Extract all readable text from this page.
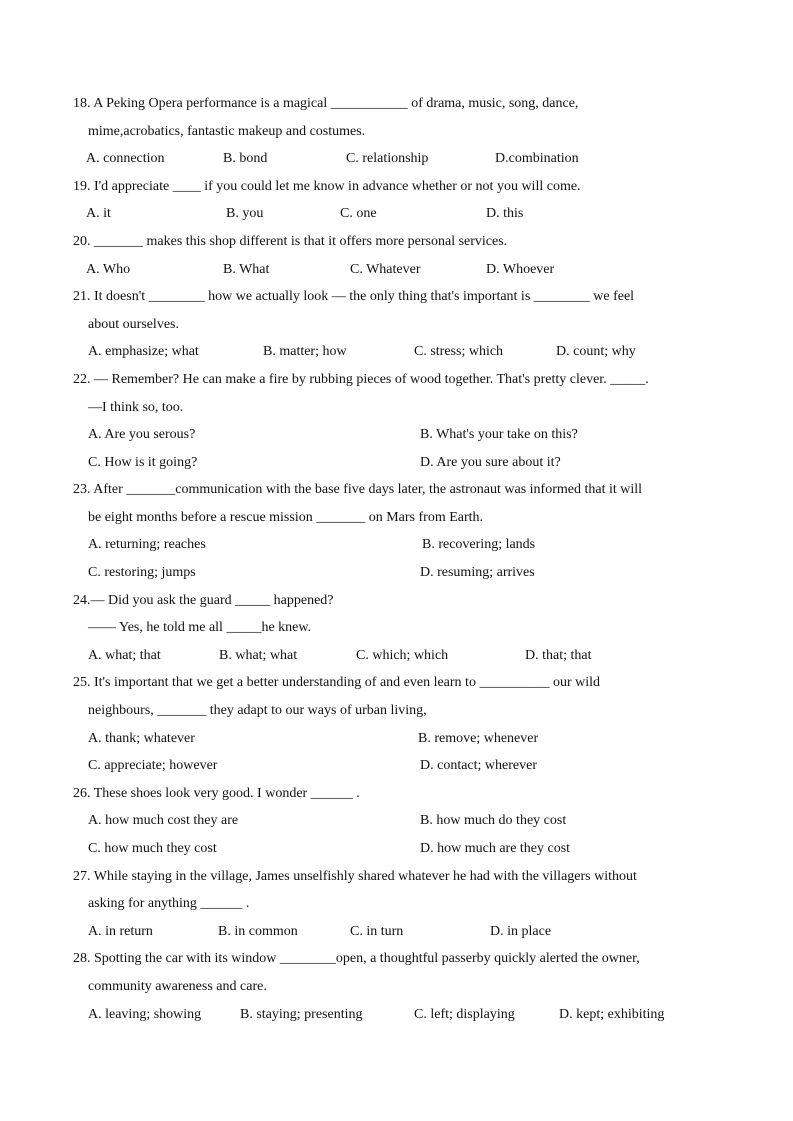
18. A Peking Opera performance is a magical ___________ of drama, music, song, dance,
mime,acrobatics, fantastic makeup and costumes.
A. connection	B. bond	C. relationship	D.combination
19. I'd appreciate ____ if you could let me know in advance whether or not you will come.
A. it	B. you	C. one	D. this
20. _______ makes this shop different is that it offers more personal services.
A. Who	B. What	C. Whatever	D. Whoever
21. It doesn't ________ how we actually look — the only thing that's important is ________ we feel
about ourselves.
A. emphasize; what	B. matter; how	C. stress; which	D. count; why
22. — Remember? He can make a fire by rubbing pieces of wood together. That's pretty clever. _____.
—I think so, too.
A. Are you serous?	B. What's your take on this?
C. How is it going?	D. Are you sure about it?
23. After _______communication with the base five days later, the astronaut was informed that it will
be eight months before a rescue mission _______ on Mars from Earth.
A. returning; reaches	B. recovering; lands
C. restoring; jumps	D. resuming; arrives
24.— Did you ask the guard _____ happened?
—— Yes, he told me all _____he knew.
A. what; that	B. what; what	C. which; which	D. that; that
25. It's important that we get a better understanding of and even learn to __________ our wild
neighbours, _______ they adapt to our ways of urban living,
A. thank; whatever	B. remove; whenever
C. appreciate; however	D. contact; wherever
26. These shoes look very good. I wonder ______ .
A. how much cost they are	B. how much do they cost
C. how much they cost	D. how much are they cost
27. While staying in the village, James unselfishly shared whatever he had with the villagers without
asking for anything ______ .
A. in return	B. in common	C. in turn	D. in place
28. Spotting the car with its window ________open, a thoughtful passerby quickly alerted the owner,
community awareness and care.
A. leaving; showing	B. staying; presenting	C. left; displaying	D. kept; exhibiting
